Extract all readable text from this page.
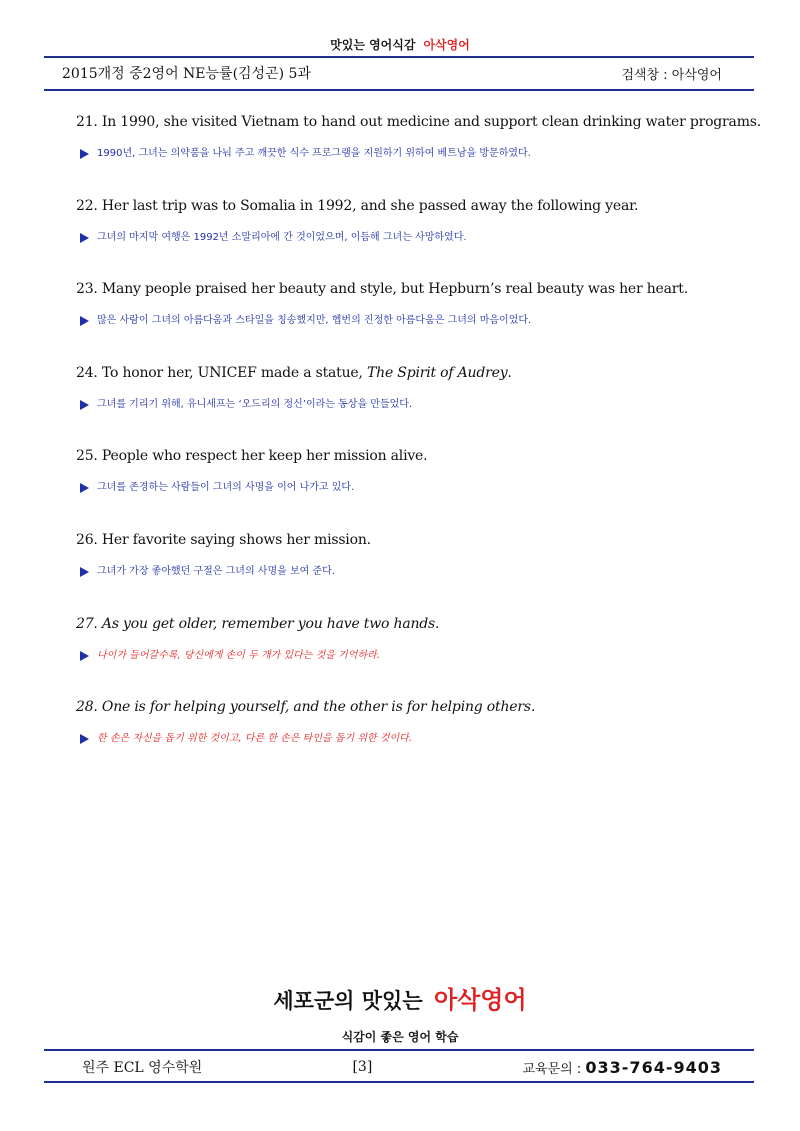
맛있는 영어식감 아삭영어
2015개정 중2영어 NE능률(김성곤) 5과	검색창 : 아삭영어
21. In 1990, she visited Vietnam to hand out medicine and support clean drinking water programs.
1990년, 그녀는 의약품을 나눠 주고 깨끗한 식수 프로그램을 지원하기 위하여 베트남을 방문하였다.
22. Her last trip was to Somalia in 1992, and she passed away the following year.
그녀의 마지막 여행은 1992년 소말리아에 간 것이었으며, 이듬해 그녀는 사망하였다.
23. Many people praised her beauty and style, but Hepburn’s real beauty was her heart.
많은 사람이 그녀의 아름다움과 스타일을 칭송했지만, 헵번의 진정한 아름다움은 그녀의 마음이었다.
24. To honor her, UNICEF made a statue, The Spirit of Audrey.
그녀를 기리기 위해, 유니세프는 ‘오드리의 정신’이라는 동상을 만들었다.
25. People who respect her keep her mission alive.
그녀를 존경하는 사람들이 그녀의 사명을 이어 나가고 있다.
26. Her favorite saying shows her mission.
그녀가 가장 좋아했던 구절은 그녀의 사명을 보여 준다.
27. As you get older, remember you have two hands.
나이가 들어갈수록, 당신에게 손이 두 개가 있다는 것을 기억하라.
28. One is for helping yourself, and the other is for helping others.
한 손은 자신을 돕기 위한 것이고, 다른 한 손은 타인을 돕기 위한 것이다.
세포군의 맛있는 아삭영어
식감이 좋은 영어 학습
원주 ECL 영수학원	[3]	교육문의 : 033-764-9403
